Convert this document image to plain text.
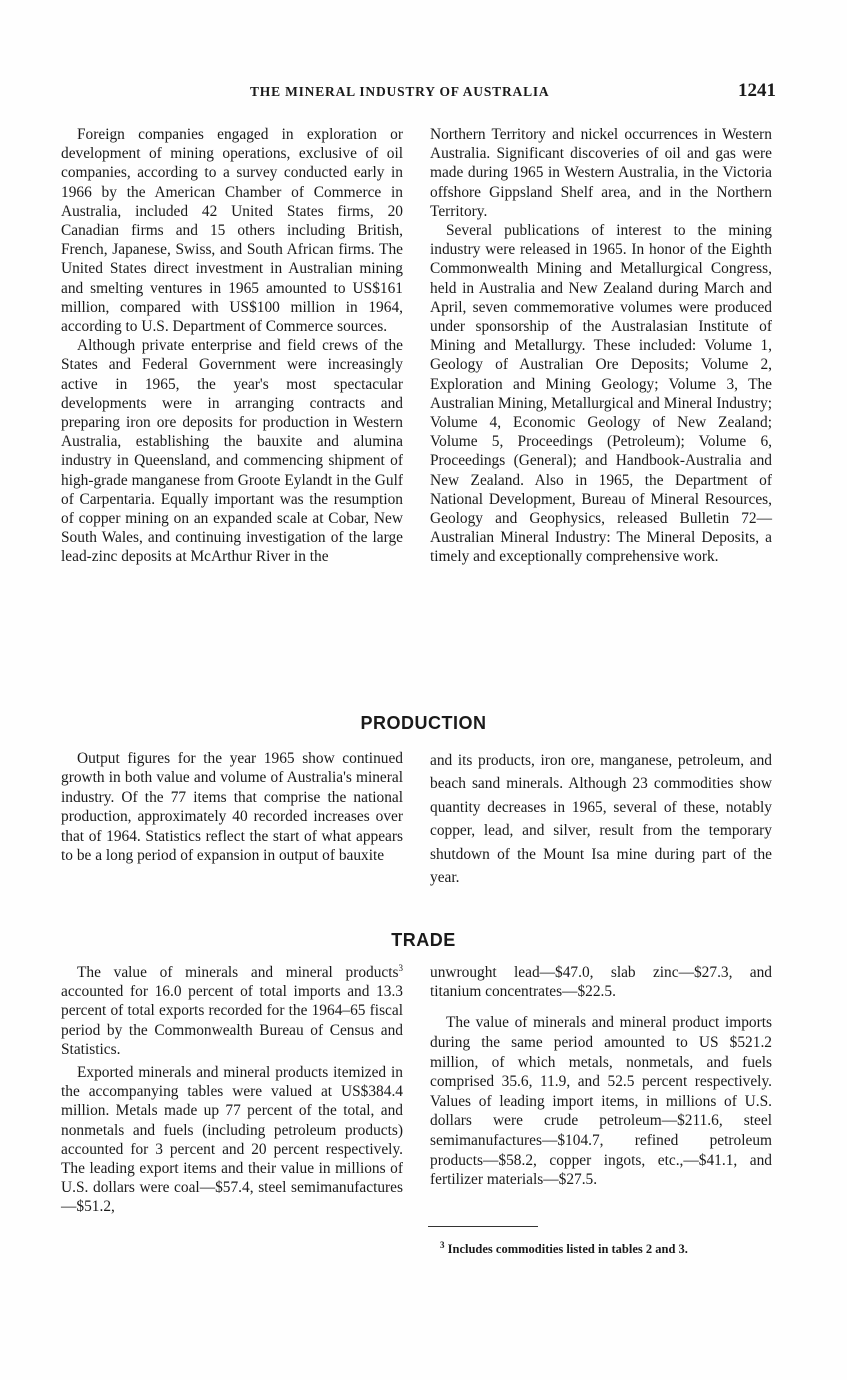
THE MINERAL INDUSTRY OF AUSTRALIA	1241

Foreign companies engaged in exploration or development of mining operations, exclusive of oil companies, according to a survey conducted early in 1966 by the American Chamber of Commerce in Australia, included 42 United States firms, 20 Canadian firms and 15 others including British, French, Japanese, Swiss, and South African firms. The United States direct investment in Australian mining and smelting ventures in 1965 amounted to US$161 million, compared with US$100 million in 1964, according to U.S. Department of Commerce sources.

Although private enterprise and field crews of the States and Federal Government were increasingly active in 1965, the year's most spectacular developments were in arranging contracts and preparing iron ore deposits for production in Western Australia, establishing the bauxite and alumina industry in Queensland, and commencing shipment of high-grade manganese from Groote Eylandt in the Gulf of Carpentaria. Equally important was the resumption of copper mining on an expanded scale at Cobar, New South Wales, and continuing investigation of the large lead-zinc deposits at McArthur River in the

Northern Territory and nickel occurrences in Western Australia. Significant discoveries of oil and gas were made during 1965 in Western Australia, in the Victoria offshore Gippsland Shelf area, and in the Northern Territory.

Several publications of interest to the mining industry were released in 1965. In honor of the Eighth Commonwealth Mining and Metallurgical Congress, held in Australia and New Zealand during March and April, seven commemorative volumes were produced under sponsorship of the Australasian Institute of Mining and Metallurgy. These included: Volume 1, Geology of Australian Ore Deposits; Volume 2, Exploration and Mining Geology; Volume 3, The Australian Mining, Metallurgical and Mineral Industry; Volume 4, Economic Geology of New Zealand; Volume 5, Proceedings (Petroleum); Volume 6, Proceedings (General); and Handbook-Australia and New Zealand. Also in 1965, the Department of National Development, Bureau of Mineral Resources, Geology and Geophysics, released Bulletin 72—Australian Mineral Industry: The Mineral Deposits, a timely and exceptionally comprehensive work.

PRODUCTION

Output figures for the year 1965 show continued growth in both value and volume of Australia's mineral industry. Of the 77 items that comprise the national production, approximately 40 recorded increases over that of 1964. Statistics reflect the start of what appears to be a long period of expansion in output of bauxite

and its products, iron ore, manganese, petroleum, and beach sand minerals. Although 23 commodities show quantity decreases in 1965, several of these, notably copper, lead, and silver, result from the temporary shutdown of the Mount Isa mine during part of the year.

TRADE

The value of minerals and mineral products$^3$ accounted for 16.0 percent of total imports and 13.3 percent of total exports recorded for the 1964–65 fiscal period by the Commonwealth Bureau of Census and Statistics.

Exported minerals and mineral products itemized in the accompanying tables were valued at US$384.4 million. Metals made up 77 percent of the total, and nonmetals and fuels (including petroleum products) accounted for 3 percent and 20 percent respectively. The leading export items and their value in millions of U.S. dollars were coal—$57.4, steel semimanufactures—$51.2,

unwrought lead—$47.0, slab zinc—$27.3, and titanium concentrates—$22.5.

The value of minerals and mineral product imports during the same period amounted to US $521.2 million, of which metals, nonmetals, and fuels comprised 35.6, 11.9, and 52.5 percent respectively. Values of leading import items, in millions of U.S. dollars were crude petroleum—$211.6, steel semimanufactures—$104.7, refined petroleum products—$58.2, copper ingots, etc.,—$41.1, and fertilizer materials—$27.5.

$^3$ Includes commodities listed in tables 2 and 3.
